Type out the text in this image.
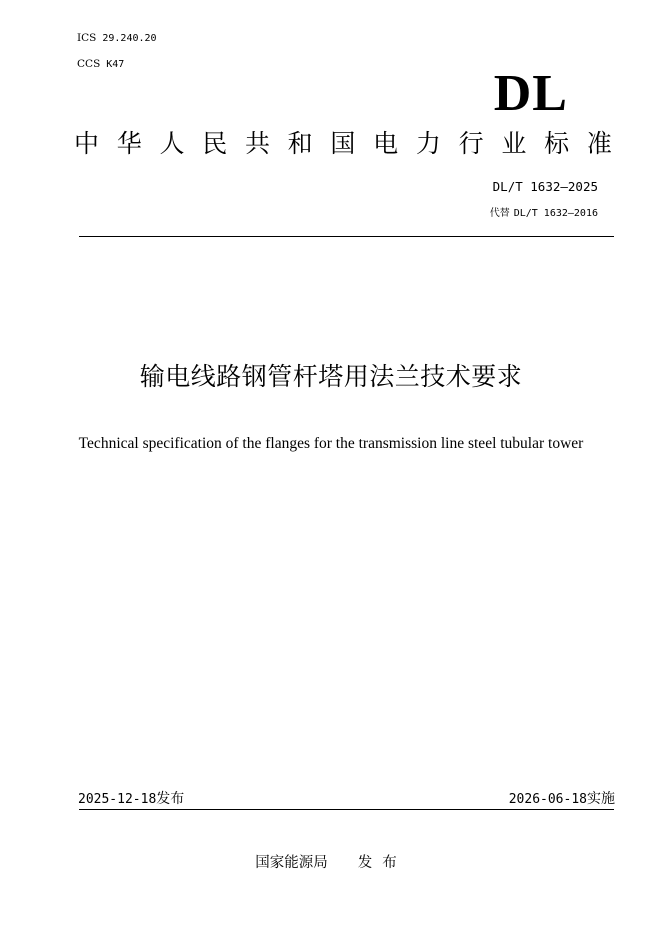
ICS 29.240.20
CCS K47
DL
中 华 人 民 共 和 国 电 力 行 业 标 准
DL/T 1632—2025
代替 DL/T 1632—2016
输电线路钢管杆塔用法兰技术要求
Technical specification of the flanges for the transmission line steel tubular tower
2025-12-18发布	2026-06-18实施
国家能源局 发布
